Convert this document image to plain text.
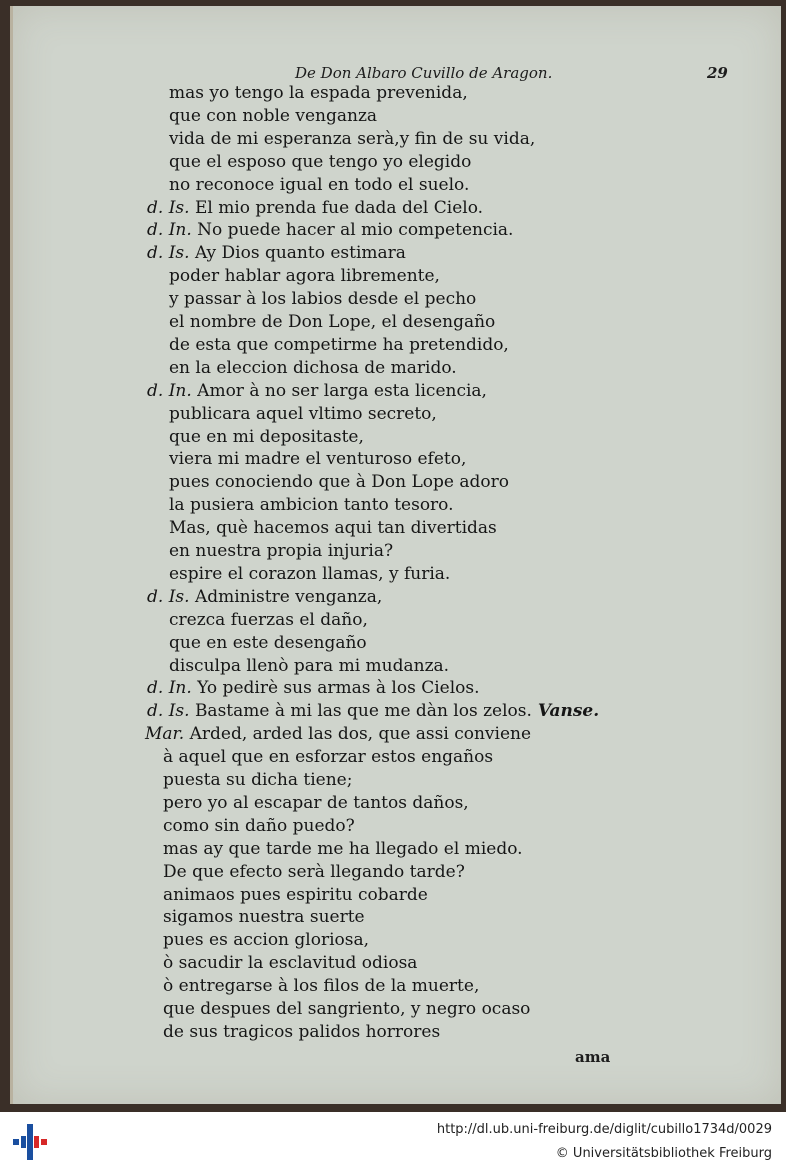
De Don Albaro Cuvillo de Aragon.	29
mas yo tengo la espada prevenida,
que con noble venganza
vida de mi esperanza serà,y fin de su vida,
que el esposo que tengo yo elegido
no reconoce igual en todo el suelo.
d. Is. El mio prenda fue dada del Cielo.
d. In. No puede hacer al mio competencia.
d. Is. Ay Dios quanto estimara
poder hablar agora libremente,
y passar à los labios desde el pecho
el nombre de Don Lope, el desengaño
de esta que competirme ha pretendido,
en la eleccion dichosa de marido.
d. In. Amor à no ser larga esta licencia,
publicara aquel vltimo secreto,
que en mi depositaste,
viera mi madre el venturoso efeto,
pues conociendo que à Don Lope adoro
la pusiera ambicion tanto tesoro.
Mas, què hacemos aqui tan divertidas
en nuestra propia injuria?
espire el corazon llamas, y furia.
d. Is. Administre venganza,
crezca fuerzas el daño,
que en este desengaño
disculpa llenò para mi mudanza.
d. In. Yo pedirè sus armas à los Cielos.
d. Is. Bastame à mi las que me dàn los zelos. Vanse.
Mar. Arded, arded las dos, que assi conviene
à aquel que en esforzar estos engaños
puesta su dicha tiene;
pero yo al escapar de tantos daños,
como sin daño puedo?
mas ay que tarde me ha llegado el miedo.
De que efecto serà llegando tarde?
animaos pues espiritu cobarde
sigamos nuestra suerte
pues es accion gloriosa,
ò sacudir la esclavitud odiosa
ò entregarse à los filos de la muerte,
que despues del sangriento, y negro ocaso
de sus tragicos palidos horrores
ama
http://dl.ub.uni-freiburg.de/diglit/cubillo1734d/0029
© Universitätsbibliothek Freiburg
